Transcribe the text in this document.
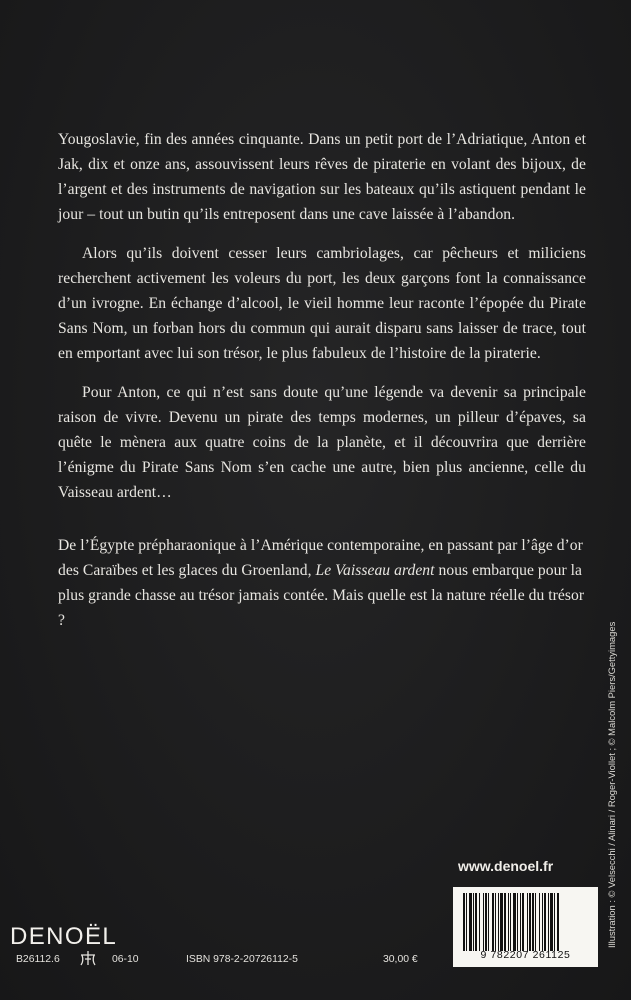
Yougoslavie, fin des années cinquante. Dans un petit port de l’Adriatique, Anton et Jak, dix et onze ans, assouvissent leurs rêves de piraterie en volant des bijoux, de l’argent et des instruments de navigation sur les bateaux qu’ils astiquent pendant le jour – tout un butin qu’ils entreposent dans une cave laissée à l’abandon.

Alors qu’ils doivent cesser leurs cambriolages, car pêcheurs et miliciens recherchent activement les voleurs du port, les deux garçons font la connaissance d’un ivrogne. En échange d’alcool, le vieil homme leur raconte l’épopée du Pirate Sans Nom, un forban hors du commun qui aurait disparu sans laisser de trace, tout en emportant avec lui son trésor, le plus fabuleux de l’histoire de la piraterie.

Pour Anton, ce qui n’est sans doute qu’une légende va devenir sa principale raison de vivre. Devenu un pirate des temps modernes, un pilleur d’épaves, sa quête le mènera aux quatre coins de la planète, et il découvrira que derrière l’énigme du Pirate Sans Nom s’en cache une autre, bien plus ancienne, celle du Vaisseau ardent…

De l’Égypte prépharaonique à l’Amérique contemporaine, en passant par l’âge d’or des Caraïbes et les glaces du Groenland, Le Vaisseau ardent nous embarque pour la plus grande chasse au trésor jamais contée. Mais quelle est la nature réelle du trésor ?

Illustration : © Velsecchi / Alinari / Roger-Viollet ; © Malcolm Piers/Gettyimages
www.denoel.fr
9 782207 261125
DENOËL
B26112.6	06-10	ISBN 978-2-20726112-5	30,00 €
